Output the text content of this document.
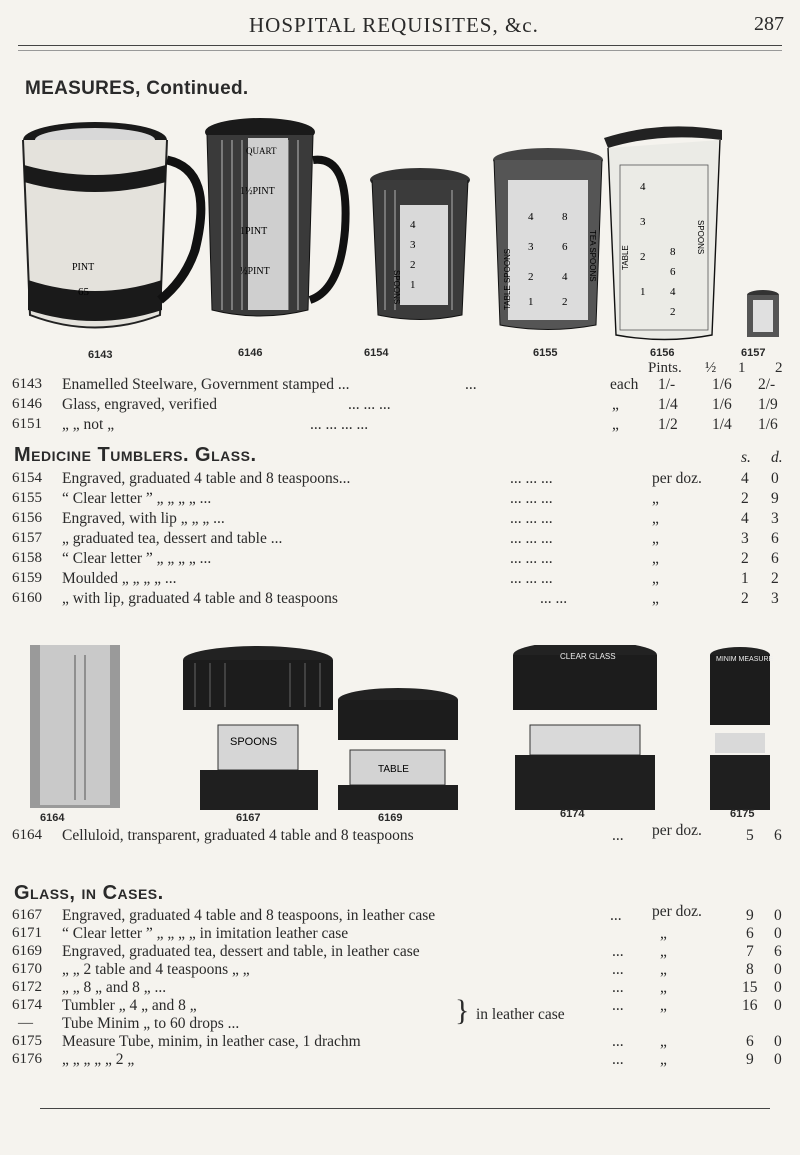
HOSPITAL REQUISITES, &c.	287
MEASURES, Continued.
PINT
65
QUART
1½PINT
1PINT
½PINT	SPOONS
4
3
2
1	TABLE SPOONS	TEA SPOONS
4
3
2
1
8
6
4
2
TABLE
SPOONS
4
3
2
1
8
6
4
2
6143	6146	6154	6155	6156	6157
Pints. ½ 1 2
6143 Enamelled Steelware, Government stamped ...	...	each 1/- 1/6 2/-
6146 Glass, engraved, verified	... ... ...	„	1/4 1/6 1/9
6151 „ „ not „	... ... ... ...	„	1/2 1/4 1/6
Medicine Tumblers. Glass.	s. d.
6154 Engraved, graduated 4 table and 8 teaspoons...	... ... ...	per doz.	4 0
6155 “ Clear letter ” „ „ „ „ ...	... ... ...	„	2 9
6156 Engraved, with lip „ „ „ ...	... ... ...	„	4 3
6157 „ graduated tea, dessert and table ...	... ... ...	„	3 6
6158 “ Clear letter ” „ „ „ „ ...	... ... ...	„	2 6
6159 Moulded „ „ „ „ ...	... ... ...	„	1 2
6160 „ with lip, graduated 4 table and 8 teaspoons	... ...	„	2 3
SPOONS
TABLE
CLEAR GLASS	MINIM MEASURE
6164	6167	6169	6174	6175
6164 Celluloid, transparent, graduated 4 table and 8 teaspoons	... per doz.	5 6
Glass, in Cases.
6167 Engraved, graduated 4 table and 8 teaspoons, in leather case	... per doz.	9 0
6171 “ Clear letter ” „ „ „ „ in imitation leather case	„	6 0
6169 Engraved, graduated tea, dessert and table, in leather case	... „	7 6
6170 „ „ 2 table and 4 teaspoons „ „	... „	8 0
6172 „ „ 8 „ and 8 „ ...	... „	15 0
6174 Tumbler „ 4 „ and 8 „	... „	16 0
— Tube Minim „ to 60 drops ...	} in leather case
6175 Measure Tube, minim, in leather case, 1 drachm	... „	6 0
6176 „ „ „ „ „ 2 „	... „	9 0
